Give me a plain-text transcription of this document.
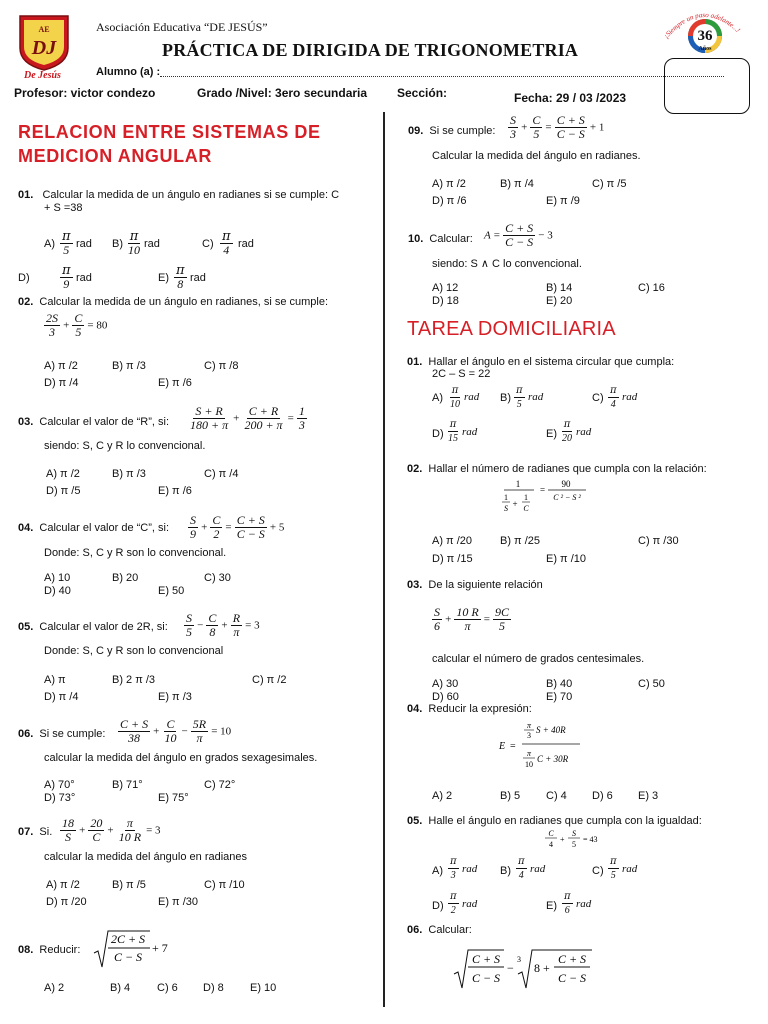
AE
DJ
De Jesús
Asociación Educativa “DE JESÚS”
PRÁCTICA DE DIRIGIDA DE TRIGONOMETRIA
Alumno (a) :
Profesor: victor condezo	Grado /Nivel: 3ero secundaria Sección:	Fecha: 29 / 03 /2023
¡Siempre un paso adelante...!
36
Años
RELACION ENTRE SISTEMAS DE
MEDICION ANGULAR
01. Calcular la medida de un ángulo en radianes si se cumple: C
+ S =38
$A) \frac{\pi}{5}$ rad $B) \frac{\pi}{10}$ rad	$C) \frac{\pi}{4}$ rad
$D) \frac{\pi}{9}$ rad	$E) \frac{\pi}{8}$ rad
02. Calcular la medida de un ángulo en radianes, si se cumple:
$\frac{2S}{3} + \frac{C}{5} = 80$
A) π /2	B) π /3	C) π /8
D) π /4	E) π /6
03. Calcular el valor de “R”, si: $\frac{S + R}{180 + \pi} + \frac{C + R}{200 + \pi} = \frac{1}{3}$
siendo: S, C y R lo convencional.
A) π /2	B) π /3	C) π /4
D) π /5	E) π /6
04. Calcular el valor de “C”, si: $\frac{S}{9} + \frac{C}{2} = \frac{C + S}{C - S} + 5$
Donde: S, C y R son lo convencional.
A) 10	B) 20	C) 30
D) 40	E) 50
05. Calcular el valor de 2R, si: $\frac{S}{5} - \frac{C}{8} + \frac{R}{\pi} = 3$
Donde: S, C y R son lo convencional
A) π	B) 2 π /3	C) π /2
D) π /4	E) π /3
06. Si se cumple: $\frac{C + S}{38} + \frac{C}{10} - \frac{5R}{\pi} = 10$
calcular la medida del ángulo en grados sexagesimales.
A) 70°	B) 71°	C) 72°
D) 73°	E) 75°
07. Si. $\frac{18}{S} + \frac{20}{C} + \frac{\pi}{10 R} = 3$
calcular la medida del ángulo en radianes
A) π /2	B) π /5	C) π /10
D) π /20	E) π /30
08. Reducir:
2C + S
C − S
+ 7
A) 2	B) 4 C) 6 D) 8 E) 10
09. Si se cumple: $\frac{S}{3} + \frac{C}{5} = \frac{C + S}{C - S} + 1$
Calcular la medida del ángulo en radianes.
A) π /2	B) π /4	C) π /5
D) π /6	E) π /9
10. Calcular: $A = \frac{C + S}{C - S} - 3$
siendo: S ∧ C lo convencional.
A) 12	B) 14	C) 16
D) 18	E) 20
TAREA DOMICILIARIA
01. Hallar el ángulo en el sistema circular que cumpla:
2C – S = 22
$A) \frac{\pi}{10}$ rad $B) \frac{\pi}{5}$ rad	$C) \frac{\pi}{4}$ rad
$D) \frac{\pi}{15}$ rad	$E) \frac{\pi}{20}$ rad
02. Hallar el número de radianes que cumpla con la relación:
1
1
S +
1
C
=
90
C ² − S ²
A) π /20	B) π /25	C) π /30
D) π /15	E) π /10
03. De la siguiente relación
$\frac{S}{6} + \frac{10 R}{\pi} = \frac{9C}{5}$
calcular el número de grados centesimales.
A) 30	B) 40	C) 50
D) 60	E) 70
04. Reducir la expresión:
E =
π
3
S + 40R
π
10
C + 30R
A) 2	B) 5 C) 4 D) 6 E) 3
05. Halle el ángulo en radianes que cumpla con la igualdad:
C
4
+
S
5
= 43
$A) \frac{\pi}{3}$ rad $B) \frac{\pi}{4}$ rad	$C) \frac{\pi}{5}$ rad
$D) \frac{\pi}{2}$ rad	$E) \frac{\pi}{6}$ rad
06. Calcular:
C + S
C − S
−
3
8 +
C + S
C − S
